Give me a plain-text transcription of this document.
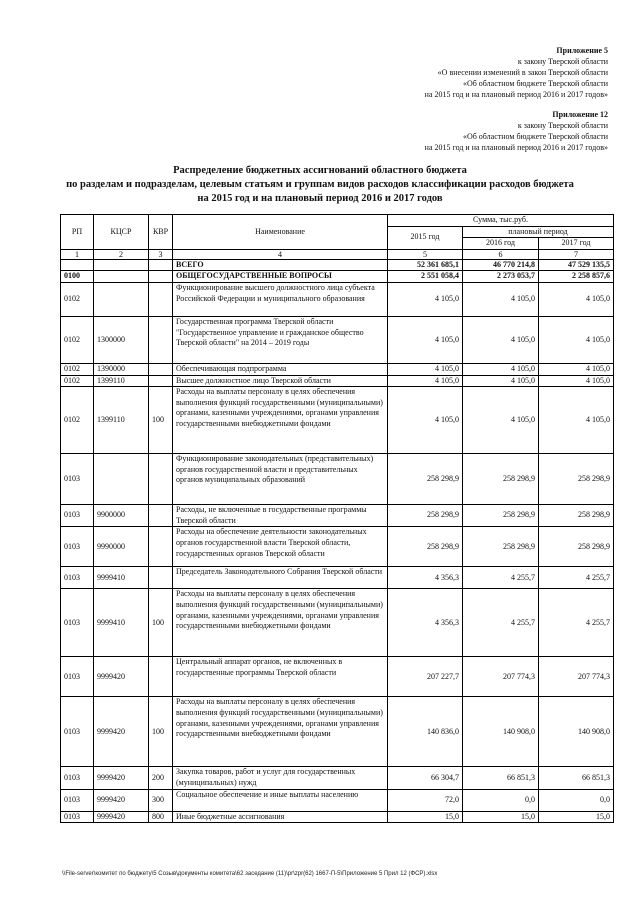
Приложение 5
к закону Тверской области
«О внесении изменений в закон Тверской области
«Об областном бюджете Тверской области
на 2015 год и на плановый период 2016 и 2017 годов»
Приложение 12
к закону Тверской области
«Об областном бюджете Тверской области
на 2015 год и на плановый период 2016 и 2017 годов»
Распределение бюджетных ассигнований областного бюджета
по разделам и подразделам, целевым статьям и группам видов расходов классификации расходов бюджета
на 2015 год и на плановый период 2016 и 2017 годов
РП	КЦСР	КВР	Наименование	Сумма, тыс.руб.		
				2015 год	плановый период	
					2016 год	2017 год
1	2	3	4	5	6	7
			ВСЕГО	52 361 685,1	46 770 214,8	47 529 135,5
0100			ОБЩЕГОСУДАРСТВЕННЫЕ ВОПРОСЫ	2 551 058,4	2 273 053,7	2 258 857,6
0102			Функционирование высшего должностного лица субъекта Российской Федерации и муниципального образования	4 105,0	4 105,0	4 105,0
0102	1300000		Государственная программа Тверской области "Государственное управление и гражданское общество Тверской области" на 2014 – 2019 годы	4 105,0	4 105,0	4 105,0
0102	1390000		Обеспечивающая подпрограмма	4 105,0	4 105,0	4 105,0
0102	1399110		Высшее должностное лицо Тверской области	4 105,0	4 105,0	4 105,0
0102	1399110	100	Расходы на выплаты персоналу в целях обеспечения выполнения функций государственными (муниципальными) органами, казенными учреждениями, органами управления государственными внебюджетными фондами	4 105,0	4 105,0	4 105,0
0103			Функционирование законодательных (представительных) органов государственной власти и представительных органов муниципальных образований	258 298,9	258 298,9	258 298,9
0103	9900000		Расходы, не включенные в государственные программы Тверской области	258 298,9	258 298,9	258 298,9
0103	9990000		Расходы на обеспечение деятельности законодательных органов государственной власти Тверской области, государственных органов Тверской области	258 298,9	258 298,9	258 298,9
0103	9999410		Председатель Законодательного Собрания Тверской области	4 356,3	4 255,7	4 255,7
0103	9999410	100	Расходы на выплаты персоналу в целях обеспечения выполнения функций государственными (муниципальными) органами, казенными учреждениями, органами управления государственными внебюджетными фондами	4 356,3	4 255,7	4 255,7
0103	9999420		Центральный аппарат органов, не включенных в государственные программы Тверской области	207 227,7	207 774,3	207 774,3
0103	9999420	100	Расходы на выплаты персоналу в целях обеспечения выполнения функций государственными (муниципальными) органами, казенными учреждениями, органами управления государственными внебюджетными фондами	140 836,0	140 908,0	140 908,0
0103	9999420	200	Закупка товаров, работ и услуг для государственных (муниципальных) нужд	66 304,7	66 851,3	66 851,3
0103	9999420	300	Социальное обеспечение и иные выплаты населению	72,0	0,0	0,0
0103	9999420	800	Иные бюджетные ассигнования	15,0	15,0	15,0
\\File-server\комитет по бюджету\5 Созыв\документы комитета\62 заседание (11)\pr\zpr(62) 1667-П-5\Приложение 5 Прил 12 (ФСР).xlsx
